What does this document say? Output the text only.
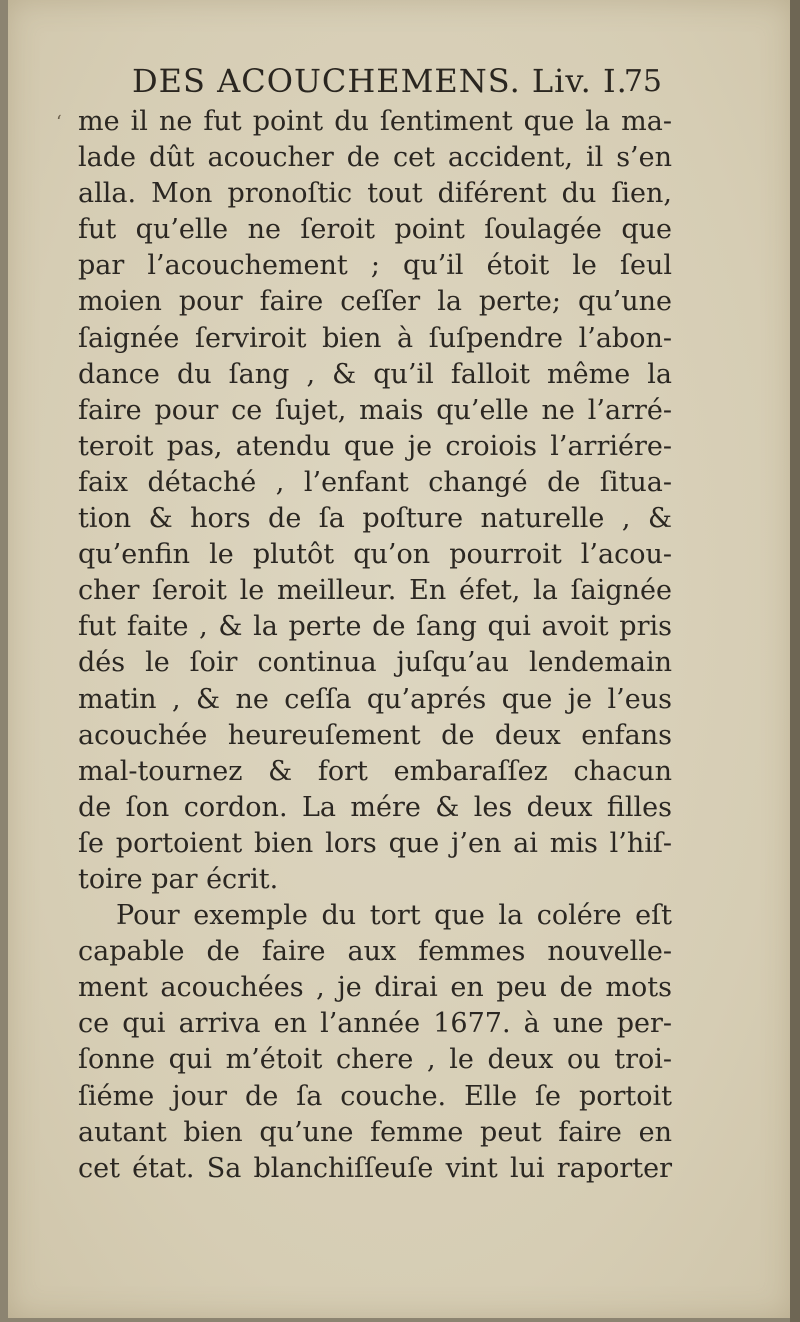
DES ACOUCHEMENS. Liv. I.
75
‘ me il ne fut point du ſentiment que la ma-
lade dût acoucher de cet accident, il s’en
alla. Mon pronoſtic tout diférent du ſien,
fut qu’elle ne ſeroit point ſoulagée que
par l’acouchement ; qu’il étoit le ſeul
moien pour faire ceſſer la perte; qu’une
ſaignée ſerviroit bien à ſuſpendre l’abon-
dance du ſang , & qu’il falloit même la
faire pour ce ſujet, mais qu’elle ne l’arré-
teroit pas, atendu que je croiois l’arriére-
faix détaché , l’enfant changé de ſitua-
tion & hors de ſa poſture naturelle , &
qu’enfin le plutôt qu’on pourroit l’acou-
cher ſeroit le meilleur. En éfet, la ſaignée
fut faite , & la perte de ſang qui avoit pris
dés le ſoir continua juſqu’au lendemain
matin , & ne ceſſa qu’aprés que je l’eus
acouchée heureuſement de deux enfans
mal-tournez & fort embaraſſez chacun
de ſon cordon. La mére & les deux filles
ſe portoient bien lors que j’en ai mis l’hiſ-
toire par écrit.
Pour exemple du tort que la colére eſt
capable de faire aux femmes nouvelle-
ment acouchées , je dirai en peu de mots
ce qui arriva en l’année 1677. à une per-
ſonne qui m’étoit chere , le deux ou troi-
ſiéme jour de ſa couche. Elle ſe portoit
autant bien qu’une femme peut faire en
cet état. Sa blanchiſſeuſe vint lui raporter
